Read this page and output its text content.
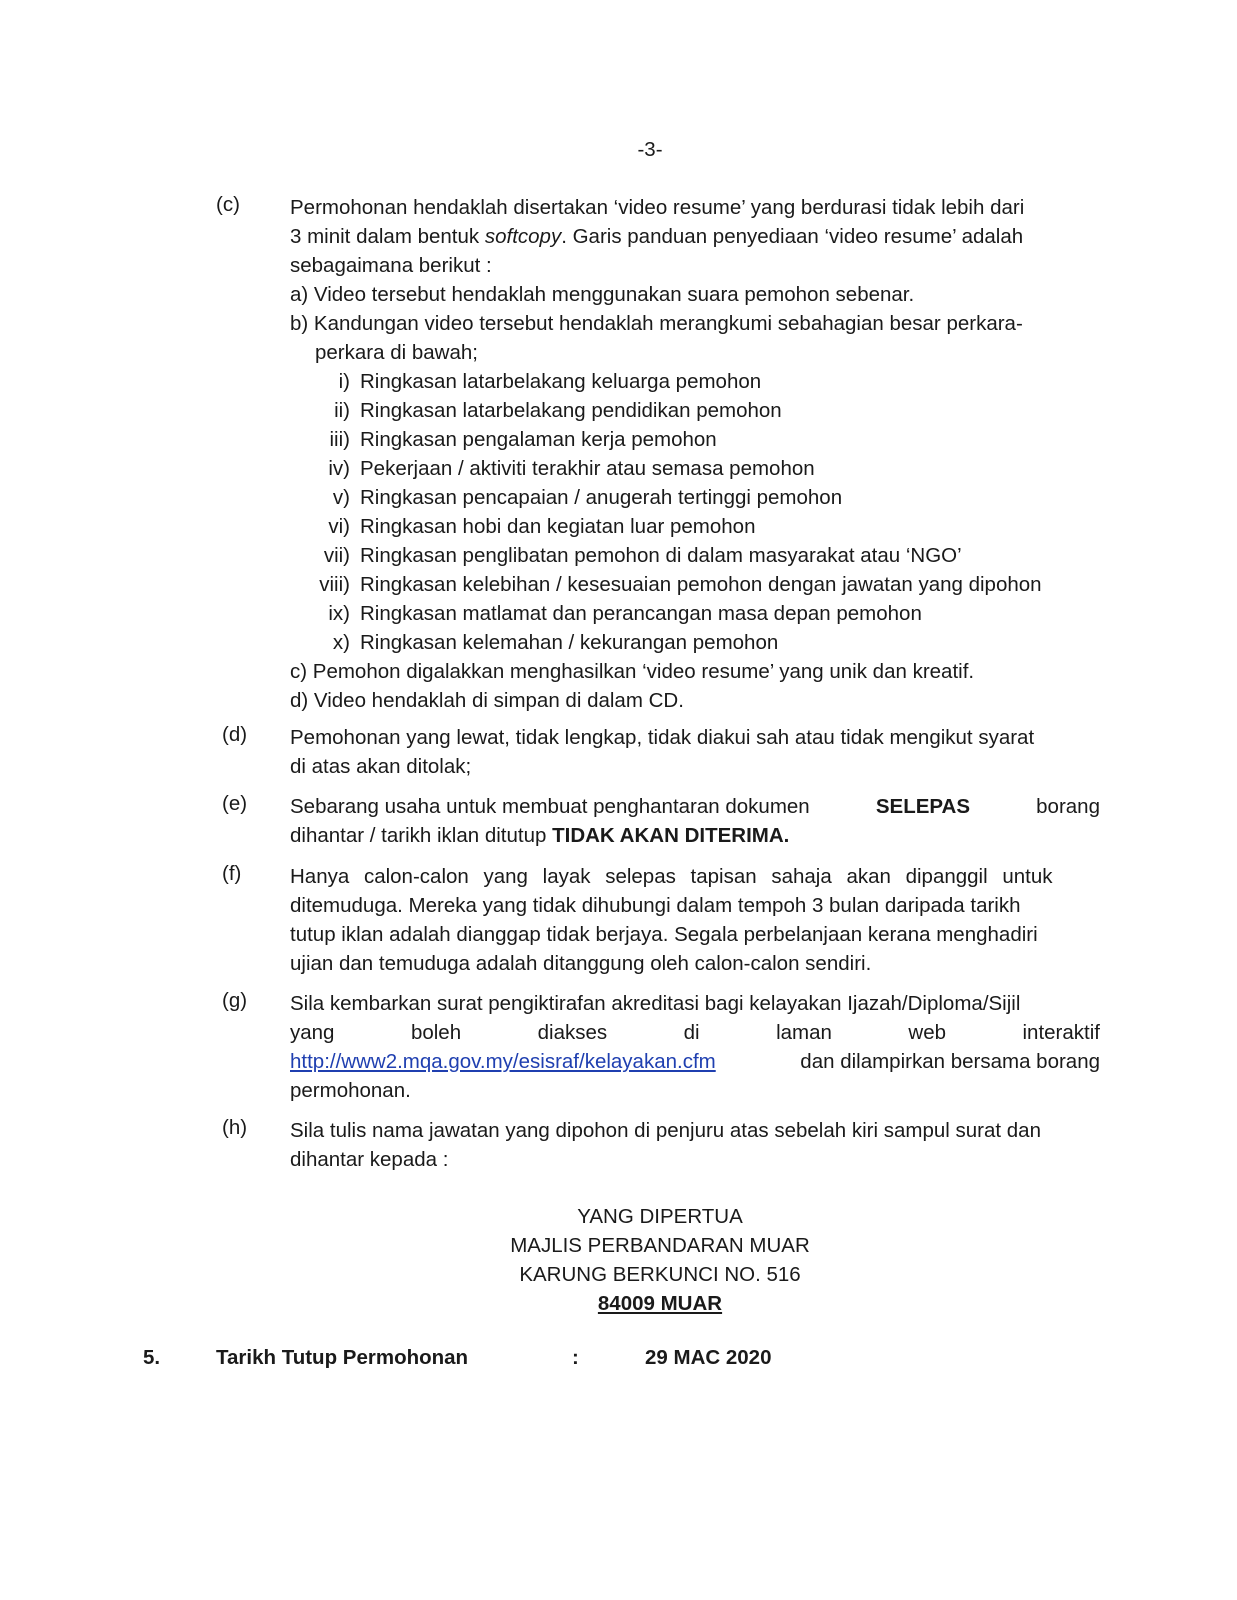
-3-
(c) Permohonan hendaklah disertakan ‘video resume’ yang berdurasi tidak lebih dari
3 minit dalam bentuk softcopy. Garis panduan penyediaan ‘video resume’ adalah
sebagaimana berikut :
a) Video tersebut hendaklah menggunakan suara pemohon sebenar.
b) Kandungan video tersebut hendaklah merangkumi sebahagian besar perkara-
perkara di bawah;
i) Ringkasan latarbelakang keluarga pemohon
ii) Ringkasan latarbelakang pendidikan pemohon
iii) Ringkasan pengalaman kerja pemohon
iv) Pekerjaan / aktiviti terakhir atau semasa pemohon
v) Ringkasan pencapaian / anugerah tertinggi pemohon
vi) Ringkasan hobi dan kegiatan luar pemohon
vii) Ringkasan penglibatan pemohon di dalam masyarakat atau ‘NGO’
viii) Ringkasan kelebihan / kesesuaian pemohon dengan jawatan yang dipohon
ix) Ringkasan matlamat dan perancangan masa depan pemohon
x) Ringkasan kelemahan / kekurangan pemohon
c) Pemohon digalakkan menghasilkan ‘video resume’ yang unik dan kreatif.
d) Video hendaklah di simpan di dalam CD.
(d) Pemohonan yang lewat, tidak lengkap, tidak diakui sah atau tidak mengikut syarat
di atas akan ditolak;
(e) Sebarang usaha untuk membuat penghantaran dokumen	SELEPAS	borang
dihantar / tarikh iklan ditutup TIDAK AKAN DITERIMA.
(f) Hanya calon-calon yang layak selepas tapisan sahaja akan dipanggil untuk
ditemuduga. Mereka yang tidak dihubungi dalam tempoh 3 bulan daripada tarikh
tutup iklan adalah dianggap tidak berjaya. Segala perbelanjaan kerana menghadiri
ujian dan temuduga adalah ditanggung oleh calon-calon sendiri.
(g) Sila kembarkan surat pengiktirafan akreditasi bagi kelayakan Ijazah/Diploma/Sijil
yang	boleh	diakses	di	laman	web	interaktif
http://www2.mqa.gov.my/esisraf/kelayakan.cfm	dan dilampirkan bersama borang
permohonan.
(h) Sila tulis nama jawatan yang dipohon di penjuru atas sebelah kiri sampul surat dan
dihantar kepada :
YANG DIPERTUA
MAJLIS PERBANDARAN MUAR
KARUNG BERKUNCI NO. 516
84009 MUAR
5.	Tarikh Tutup Permohonan	:	29 MAC 2020
